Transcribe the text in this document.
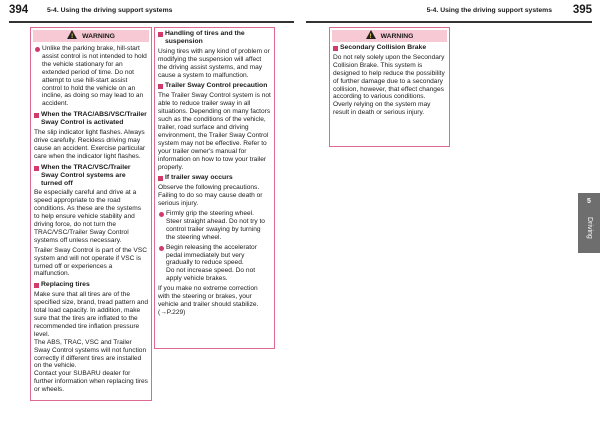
394	5-4. Using the driving support systems	5-4. Using the driving support systems 395
! WARNING

Unlike the parking brake, hill-start assist control is not intended to hold the vehicle stationary for an extended period of time. Do not attempt to use hill-start assist control to hold the vehicle on an incline, as doing so may lead to an accident.

When the TRAC/ABS/VSC/Trailer Sway Control is activated

The slip indicator light flashes. Always drive carefully. Reckless driving may cause an accident. Exercise particular care when the indicator light flashes.

When the TRAC/VSC/Trailer Sway Control systems are turned off

Be especially careful and drive at a speed appropriate to the road conditions. As these are the systems to help ensure vehicle stability and driving force, do not turn the TRAC/VSC/Trailer Sway Control systems off unless necessary.

Trailer Sway Control is part of the VSC system and will not operate if VSC is turned off or experiences a malfunction.

Replacing tires

Make sure that all tires are of the specified size, brand, tread pattern and total load capacity. In addition, make sure that the tires are inflated to the recommended tire inflation pressure level.

The ABS, TRAC, VSC and Trailer Sway Control systems will not function correctly if different tires are installed on the vehicle.

Contact your SUBARU dealer for further information when replacing tires or wheels.

Handling of tires and the suspension

Using tires with any kind of problem or modifying the suspension will affect the driving assist systems, and may cause a system to malfunction.

Trailer Sway Control precaution

The Trailer Sway Control system is not able to reduce trailer sway in all situations. Depending on many factors such as the conditions of the vehicle, trailer, road surface and driving environment, the Trailer Sway Control system may not be effective. Refer to your trailer owner's manual for information on how to tow your trailer properly.

If trailer sway occurs

Observe the following precautions.

Failing to do so may cause death or serious injury.

Firmly grip the steering wheel. Steer straight ahead. Do not try to control trailer swaying by turning the steering wheel.

Begin releasing the accelerator pedal immediately but very gradually to reduce speed.

Do not increase speed. Do not apply vehicle brakes.

If you make no extreme correction with the steering or brakes, your vehicle and trailer should stabilize. (→P.229)

! WARNING
Secondary Collision Brake

Do not rely solely upon the Secondary Collision Brake. This system is designed to help reduce the possibility of further damage due to a secondary collision, however, that effect changes according to various conditions. Overly relying on the system may result in death or serious injury.

5
Driving
